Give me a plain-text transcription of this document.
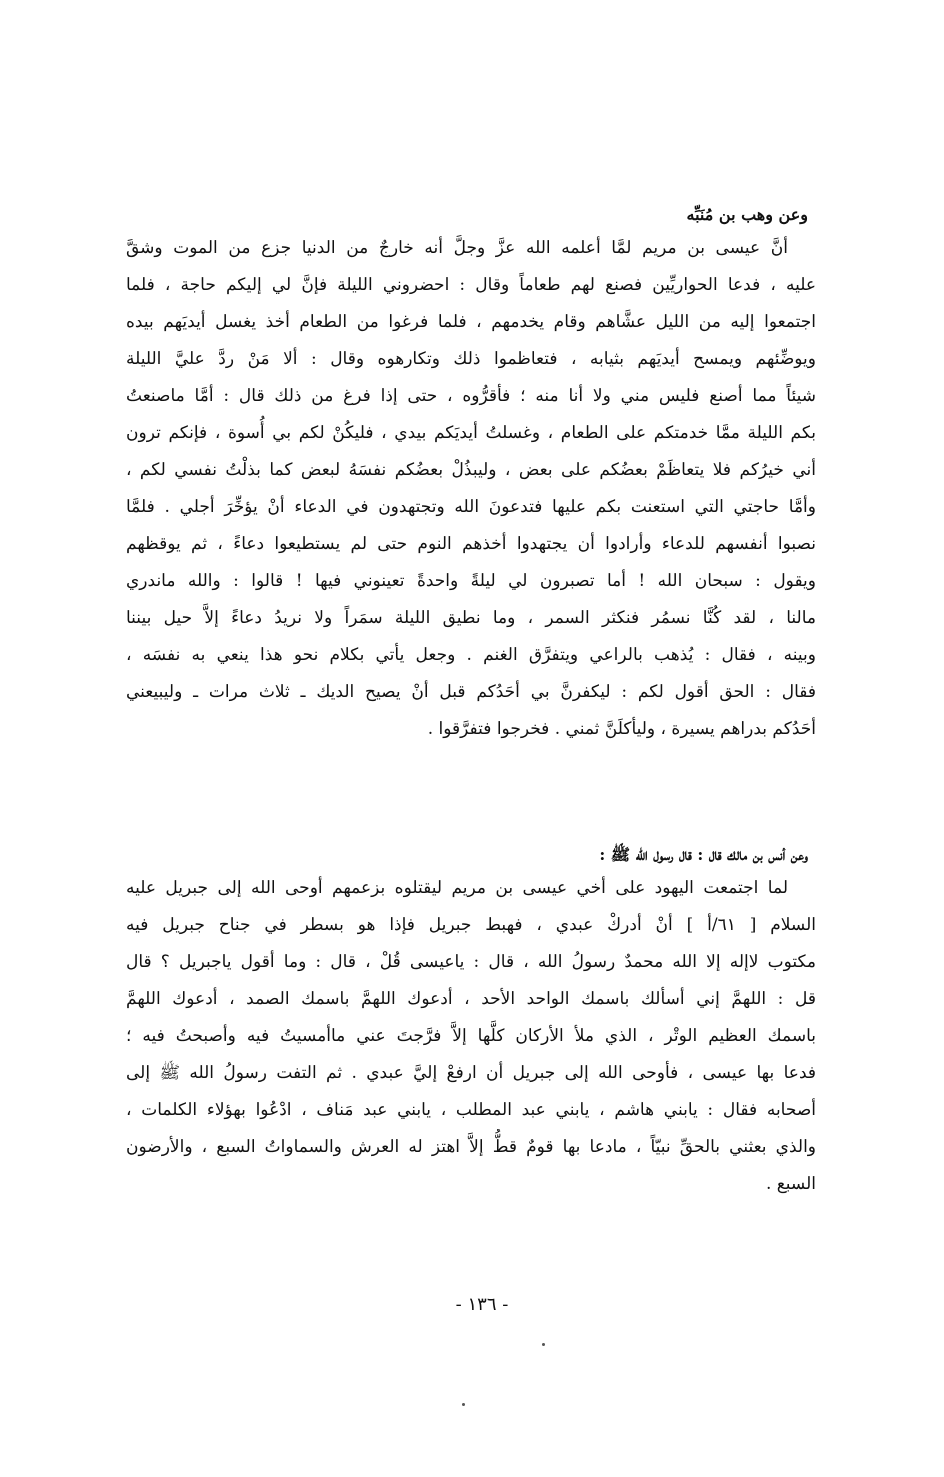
وعن وهب بن مُنَبِّه
أنَّ عيسى بن مريم لمَّا أعلمه الله عزَّ وجلَّ أنه خارجٌ من الدنيا جزع من الموت وشقَّ
عليه ، فدعا الحواريِّين فصنع لهم طعاماً وقال : احضروني الليلة فإنَّ لي إليكم حاجة ، فلما
اجتمعوا إليه من الليل عشَّاهم وقام يخدمهم ، فلما فرغوا من الطعام أخذ يغسل أيديَهم بيده
ويوضِّئهم ويمسح أيديَهم بثيابه ، فتعاظموا ذلك وتكارهوه وقال : ألا مَنْ ردَّ عليَّ الليلة
شيئاً مما أصنع فليس مني ولا أنا منه ؛ فأقرُّوه ، حتى إذا فرغ من ذلك قال : أمَّا ماصنعتُ
بكم الليلة ممَّا خدمتكم على الطعام ، وغسلتُ أيديَكم بيدي ، فليكُنْ لكم بي أُسوة ، فإنكم ترون
أني خيرُكم فلا يتعاظَمْ بعضُكم على بعض ، وليبذُلْ بعضُكم نفسَهُ لبعض كما بذلْتُ نفسي لكم ،
وأمَّا حاجتي التي استعنت بكم عليها فتدعونَ الله وتجتهدون في الدعاء أنْ يؤخِّرَ أجلي . فلمَّا
نصبوا أنفسهم للدعاء وأرادوا أن يجتهدوا أخذهم النوم حتى لم يستطيعوا دعاءً ، ثم يوقظهم
ويقول : سبحان الله ! أما تصبرون لي ليلةً واحدةً تعينوني فيها ! قالوا : والله ماندري
مالنا ، لقد كُنَّا نسمُر فنكثر السمر ، وما نطيق الليلة سمَراً ولا نريدُ دعاءً إلاَّ حيل بيننا
وبينه ، فقال : يُذهب بالراعي ويتفرَّق الغنم . وجعل يأتي بكلام نحو هذا ينعي به نفسَه ،
فقال : الحق أقول لكم : ليكفرنَّ بي أحَدُكم قبل أنْ يصيح الديك ـ ثلاث مرات ـ وليبيعني
أحَدُكم بدراهم يسيرة ، وليأكلَنَّ ثمني . فخرجوا فتفرَّقوا .
وعن أنس بن مالك قال : قال رسول الله ﷺ :
لما اجتمعت اليهود على أخي عيسى بن مريم ليقتلوه بزعمهم أوحى الله إلى جبريل عليه
السلام [ ٦١/أ ] أنْ أدركْ عبدي ، فهبط جبريل فإذا هو بسطر في جناح جبريل فيه
مكتوب لاإله إلا الله محمدٌ رسولُ الله ، قال : ياعيسى قُلْ ، قال : وما أقول ياجبريل ؟ قال
قل : اللهمَّ إني أسألك باسمك الواحد الأحد ، أدعوك اللهمَّ باسمك الصمد ، أدعوك اللهمَّ
باسمك العظيم الوتْر ، الذي ملأ الأركان كلَّها إلاَّ فرَّجتَ عني ماأمسيتُ فيه وأصبحتُ فيه ؛
فدعا بها عيسى ، فأوحى الله إلى جبريل أن ارفعْ إليَّ عبدي . ثم التفت رسولُ الله ﷺ إلى
أصحابه فقال : يابني هاشم ، يابني عبد المطلب ، يابني عبد مَناف ، ادْعُوا بهؤلاء الكلمات ،
والذي بعثني بالحقِّ نبيّاً ، مادعا بها قومٌ قطُّ إلاَّ اهتز له العرش والسماواتُ السبع ، والأرضون
السبع .
- ١٣٦ -
